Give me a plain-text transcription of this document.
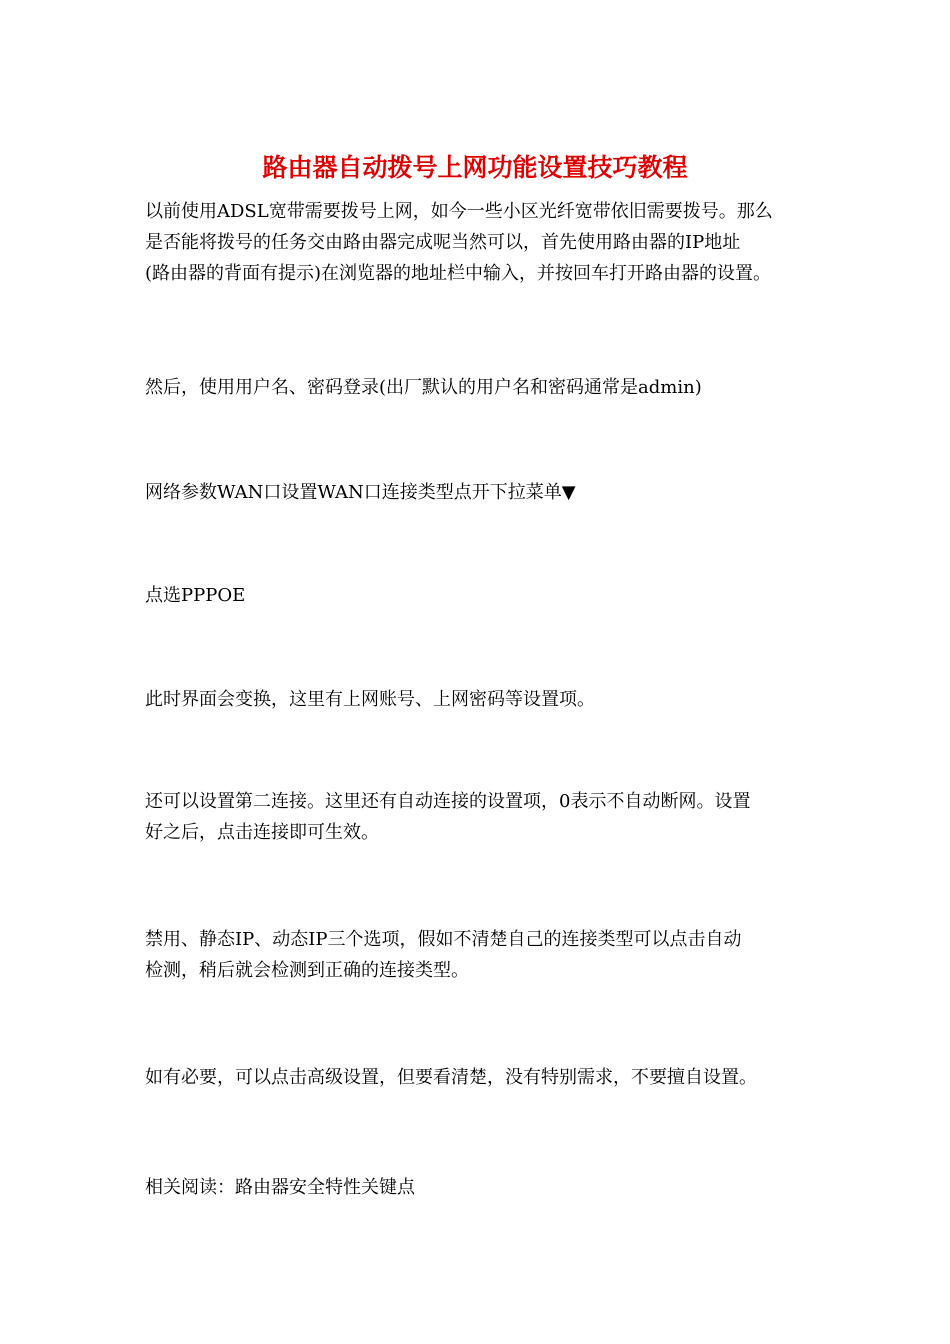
路由器自动拨号上网功能设置技巧教程
以前使用ADSL宽带需要拨号上网，如今一些小区光纤宽带依旧需要拨号。那么
是否能将拨号的任务交由路由器完成呢当然可以，首先使用路由器的IP地址
(路由器的背面有提示)在浏览器的地址栏中输入，并按回车打开路由器的设置。
然后，使用用户名、密码登录(出厂默认的用户名和密码通常是admin)
网络参数WAN口设置WAN口连接类型点开下拉菜单▼
点选PPPOE
此时界面会变换，这里有上网账号、上网密码等设置项。
还可以设置第二连接。这里还有自动连接的设置项，0表示不自动断网。设置
好之后，点击连接即可生效。
禁用、静态IP、动态IP三个选项，假如不清楚自己的连接类型可以点击自动
检测，稍后就会检测到正确的连接类型。
如有必要，可以点击高级设置，但要看清楚，没有特别需求，不要擅自设置。
相关阅读：路由器安全特性关键点
